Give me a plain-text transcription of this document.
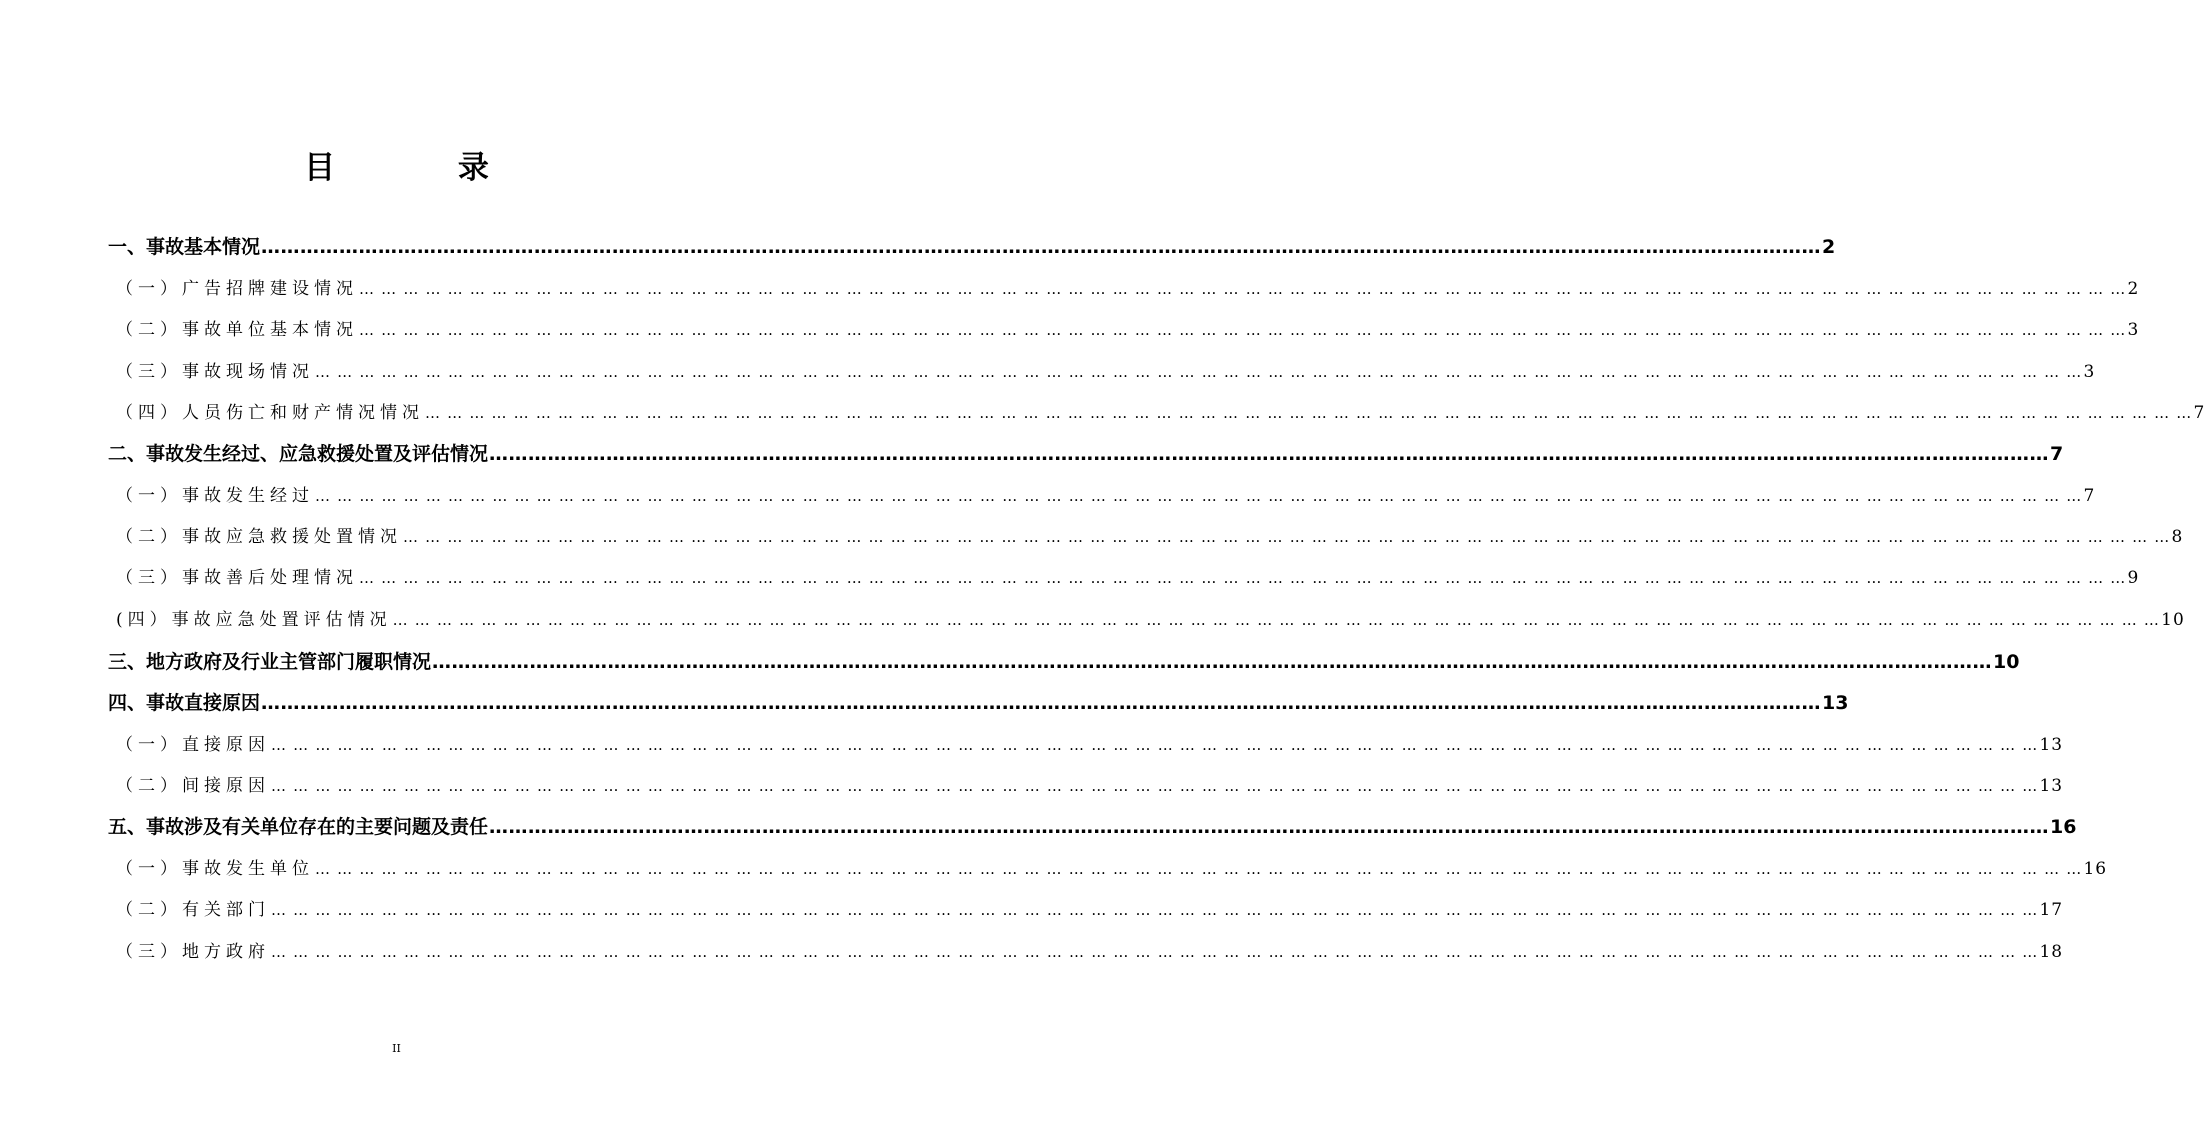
目 录
一、事故基本情况 …………………………………………………………………………………………………………………………………………………………………………………………………………………… 2
（一）广告招牌建设情况 … … … … … … … … … … … … … … … … … … … … … … … … … … … … … … … … … … … … … … … … … … … … … … … … … … … … … … … … … … … … … … … … … … … … … … … … … … … … … … … … 2
（二）事故单位基本情况 … … … … … … … … … … … … … … … … … … … … … … … … … … … … … … … … … … … … … … … … … … … … … … … … … … … … … … … … … … … … … … … … … … … … … … … … … … … … … … … … 3
（三）事故现场情况 … … … … … … … … … … … … … … … … … … … … … … … … … … … … … … … … … … … … … … … … … … … … … … … … … … … … … … … … … … … … … … … … … … … … … … … … … … … … … … … … 3
（四）人员伤亡和财产情况情况 … … … … … … … … … … … … … … … … … … … … … … … … … … … … … … … … … … … … … … … … … … … … … … … … … … … … … … … … … … … … … … … … … … … … … … … … … … … … … … … … 7
二、事故发生经过、应急救援处置及评估情况 …………………………………………………………………………………………………………………………………………………………………………………………………………………… 7
（一）事故发生经过 … … … … … … … … … … … … … … … … … … … … … … … … … … … … … … … … … … … … … … … … … … … … … … … … … … … … … … … … … … … … … … … … … … … … … … … … … … … … … … … … 7
（二）事故应急救援处置情况 … … … … … … … … … … … … … … … … … … … … … … … … … … … … … … … … … … … … … … … … … … … … … … … … … … … … … … … … … … … … … … … … … … … … … … … … … … … … … … … … 8
（三）事故善后处理情况 … … … … … … … … … … … … … … … … … … … … … … … … … … … … … … … … … … … … … … … … … … … … … … … … … … … … … … … … … … … … … … … … … … … … … … … … … … … … … … … … 9
(四）事故应急处置评估情况 … … … … … … … … … … … … … … … … … … … … … … … … … … … … … … … … … … … … … … … … … … … … … … … … … … … … … … … … … … … … … … … … … … … … … … … … … … … … … … … … 10
三、地方政府及行业主管部门履职情况 …………………………………………………………………………………………………………………………………………………………………………………………………………………… 10
四、事故直接原因 …………………………………………………………………………………………………………………………………………………………………………………………………………………… 13
（一）直接原因 … … … … … … … … … … … … … … … … … … … … … … … … … … … … … … … … … … … … … … … … … … … … … … … … … … … … … … … … … … … … … … … … … … … … … … … … … … … … … … … … 13
（二）间接原因 … … … … … … … … … … … … … … … … … … … … … … … … … … … … … … … … … … … … … … … … … … … … … … … … … … … … … … … … … … … … … … … … … … … … … … … … … … … … … … … … 13
五、事故涉及有关单位存在的主要问题及责任 …………………………………………………………………………………………………………………………………………………………………………………………………………………… 16
（一）事故发生单位 … … … … … … … … … … … … … … … … … … … … … … … … … … … … … … … … … … … … … … … … … … … … … … … … … … … … … … … … … … … … … … … … … … … … … … … … … … … … … … … … 16
（二）有关部门 … … … … … … … … … … … … … … … … … … … … … … … … … … … … … … … … … … … … … … … … … … … … … … … … … … … … … … … … … … … … … … … … … … … … … … … … … … … … … … … … 17
（三）地方政府 … … … … … … … … … … … … … … … … … … … … … … … … … … … … … … … … … … … … … … … … … … … … … … … … … … … … … … … … … … … … … … … … … … … … … … … … … … … … … … … … 18
II
